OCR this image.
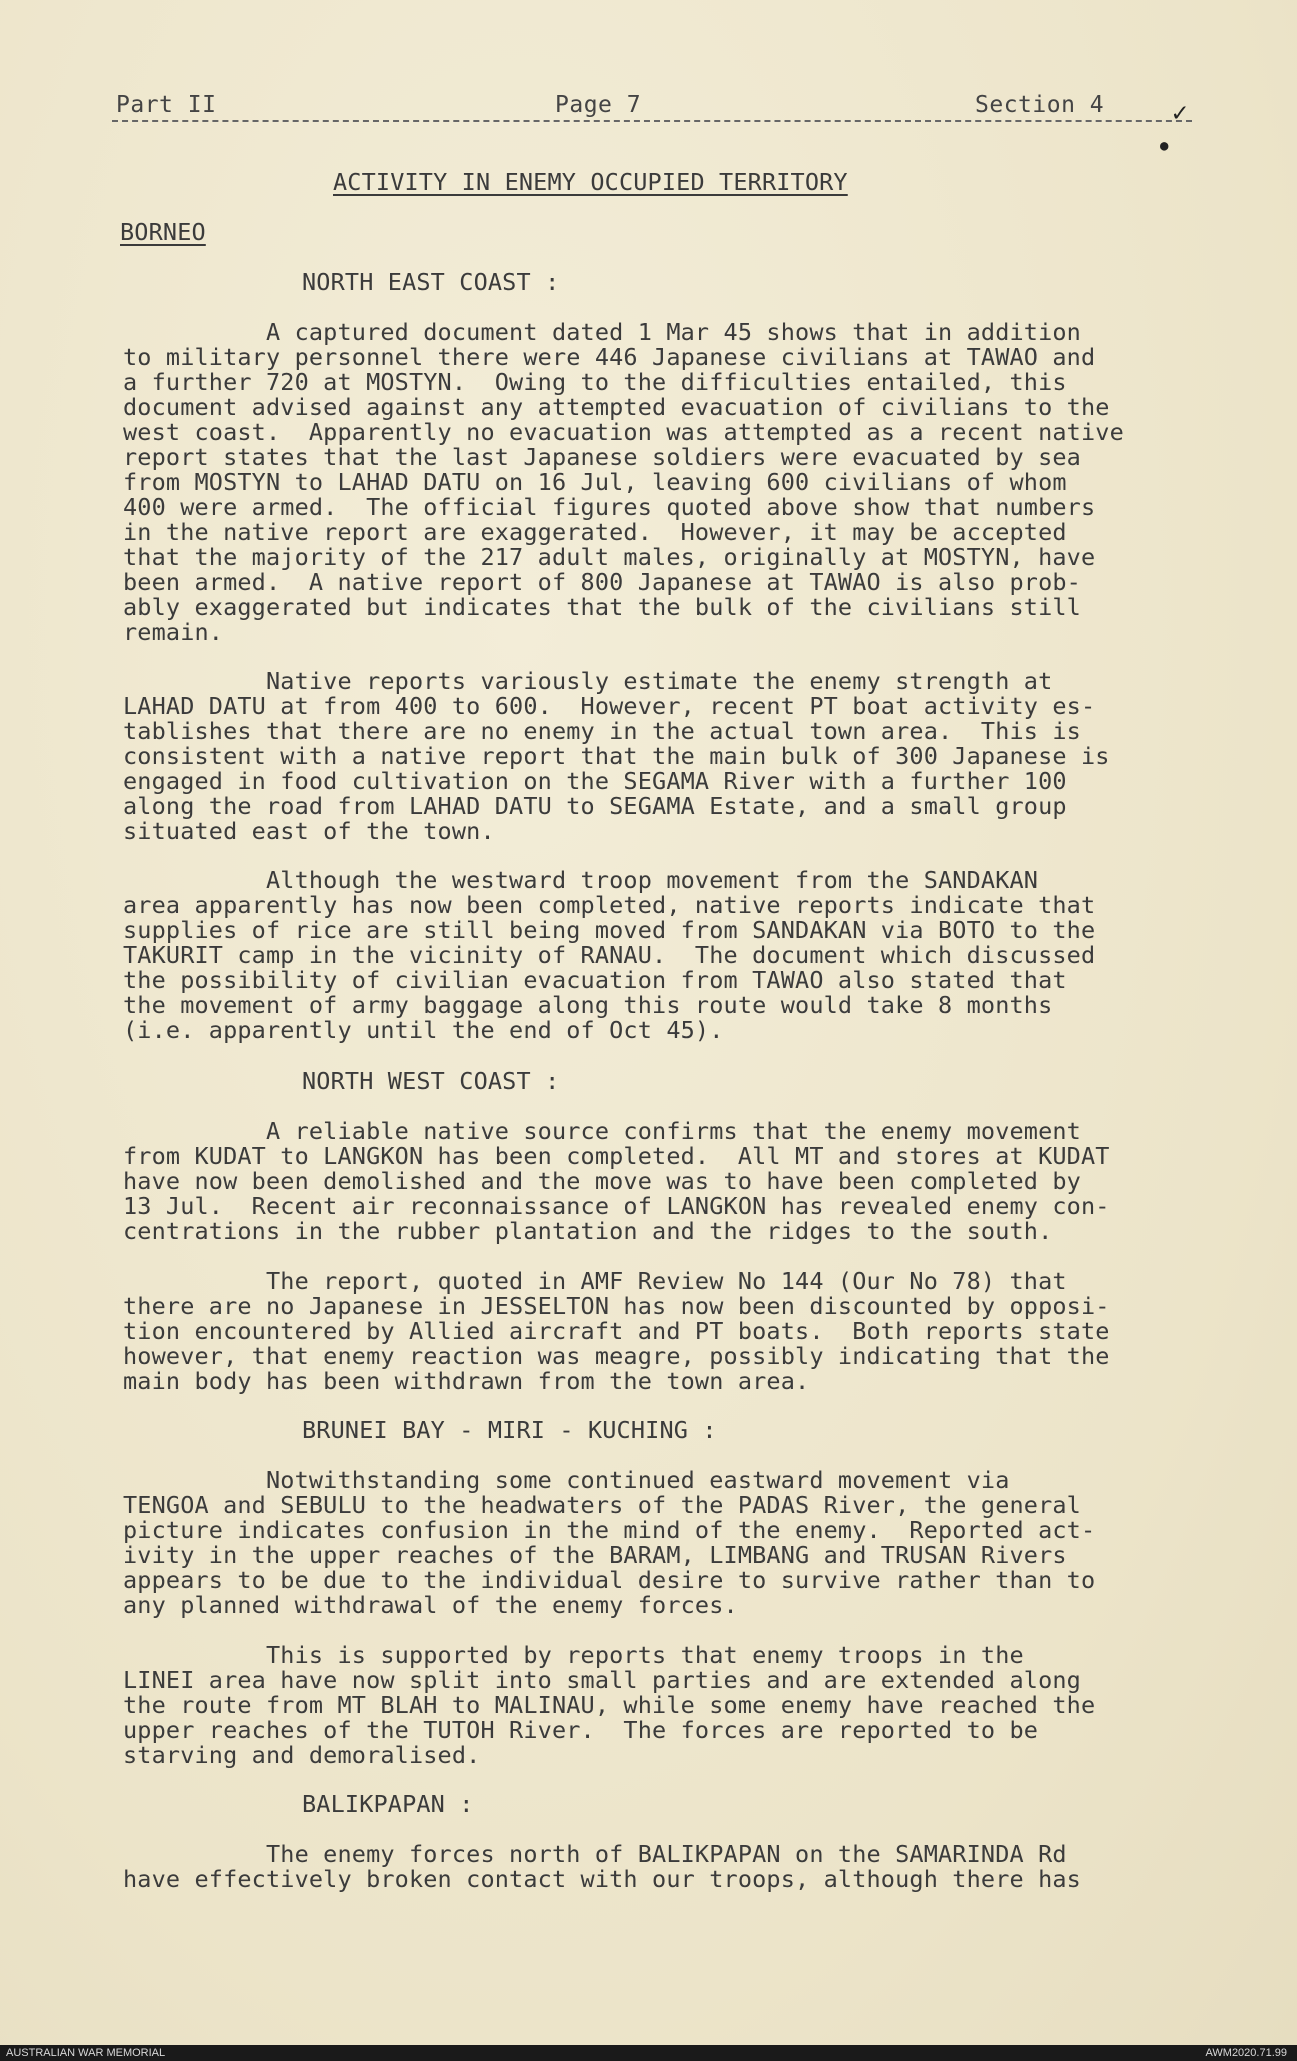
Part II	Page 7	Section 4	✓
●

ACTIVITY IN ENEMY OCCUPIED TERRITORY

BORNEO

NORTH EAST COAST :

A captured document dated 1 Mar 45 shows that in addition
to military personnel there were 446 Japanese civilians at TAWAO and
a further 720 at MOSTYN.  Owing to the difficulties entailed, this
document advised against any attempted evacuation of civilians to the
west coast.  Apparently no evacuation was attempted as a recent native
report states that the last Japanese soldiers were evacuated by sea
from MOSTYN to LAHAD DATU on 16 Jul, leaving 600 civilians of whom
400 were armed.  The official figures quoted above show that numbers
in the native report are exaggerated.  However, it may be accepted
that the majority of the 217 adult males, originally at MOSTYN, have
been armed.  A native report of 800 Japanese at TAWAO is also prob-
ably exaggerated but indicates that the bulk of the civilians still
remain.

Native reports variously estimate the enemy strength at
LAHAD DATU at from 400 to 600.  However, recent PT boat activity es-
tablishes that there are no enemy in the actual town area.  This is
consistent with a native report that the main bulk of 300 Japanese is
engaged in food cultivation on the SEGAMA River with a further 100
along the road from LAHAD DATU to SEGAMA Estate, and a small group
situated east of the town.

Although the westward troop movement from the SANDAKAN
area apparently has now been completed, native reports indicate that
supplies of rice are still being moved from SANDAKAN via BOTO to the
TAKURIT camp in the vicinity of RANAU.  The document which discussed
the possibility of civilian evacuation from TAWAO also stated that
the movement of army baggage along this route would take 8 months
(i.e. apparently until the end of Oct 45).

NORTH WEST COAST :

A reliable native source confirms that the enemy movement
from KUDAT to LANGKON has been completed.  All MT and stores at KUDAT
have now been demolished and the move was to have been completed by
13 Jul.  Recent air reconnaissance of LANGKON has revealed enemy con-
centrations in the rubber plantation and the ridges to the south.

The report, quoted in AMF Review No 144 (Our No 78) that
there are no Japanese in JESSELTON has now been discounted by opposi-
tion encountered by Allied aircraft and PT boats.  Both reports state
however, that enemy reaction was meagre, possibly indicating that the
main body has been withdrawn from the town area.

BRUNEI BAY - MIRI - KUCHING :

Notwithstanding some continued eastward movement via
TENGOA and SEBULU to the headwaters of the PADAS River, the general
picture indicates confusion in the mind of the enemy.  Reported act-
ivity in the upper reaches of the BARAM, LIMBANG and TRUSAN Rivers
appears to be due to the individual desire to survive rather than to
any planned withdrawal of the enemy forces.

This is supported by reports that enemy troops in the
LINEI area have now split into small parties and are extended along
the route from MT BLAH to MALINAU, while some enemy have reached the
upper reaches of the TUTOH River.  The forces are reported to be
starving and demoralised.

BALIKPAPAN :

The enemy forces north of BALIKPAPAN on the SAMARINDA Rd
have effectively broken contact with our troops, although there has

AUSTRALIAN WAR MEMORIAL	AWM2020.71.99
